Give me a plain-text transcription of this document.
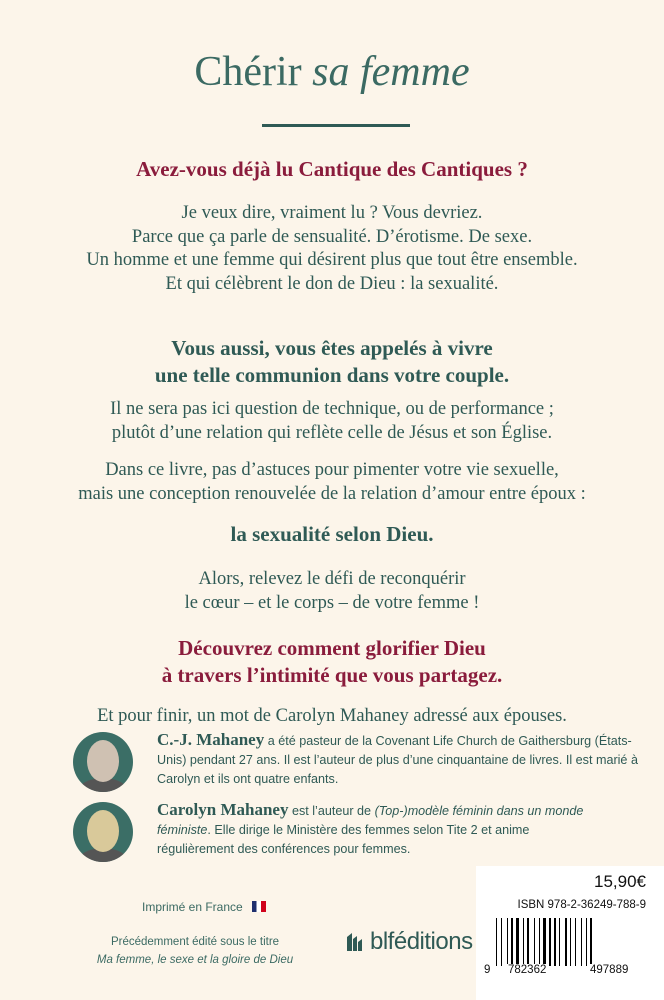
Chérir sa femme
Avez-vous déjà lu Cantique des Cantiques ?
Je veux dire, vraiment lu ? Vous devriez.
Parce que ça parle de sensualité. D’érotisme. De sexe.
Un homme et une femme qui désirent plus que tout être ensemble.
Et qui célèbrent le don de Dieu : la sexualité.
Vous aussi, vous êtes appelés à vivre
une telle communion dans votre couple.
Il ne sera pas ici question de technique, ou de performance ;
plutôt d’une relation qui reflète celle de Jésus et son Église.
Dans ce livre, pas d’astuces pour pimenter votre vie sexuelle,
mais une conception renouvelée de la relation d’amour entre époux :
la sexualité selon Dieu.
Alors, relevez le défi de reconquérir
le cœur – et le corps – de votre femme !
Découvrez comment glorifier Dieu
à travers l’intimité que vous partagez.
Et pour finir, un mot de Carolyn Mahaney adressé aux épouses.
C.-J. Mahaney a été pasteur de la Covenant Life Church de Gaithersburg (États-Unis) pendant 27 ans. Il est l’auteur de plus d’une cinquantaine de livres. Il est marié à Carolyn et ils ont quatre enfants.
Carolyn Mahaney est l’auteur de (Top-)modèle féminin dans un monde féministe. Elle dirige le Ministère des femmes selon Tite 2 et anime régulièrement des conférences pour femmes.
Imprimé en France
Précédemment édité sous le titre
Ma femme, le sexe et la gloire de Dieu
blféditions
15,90€
ISBN 978-2-36249-788-9
9 782362	497889
